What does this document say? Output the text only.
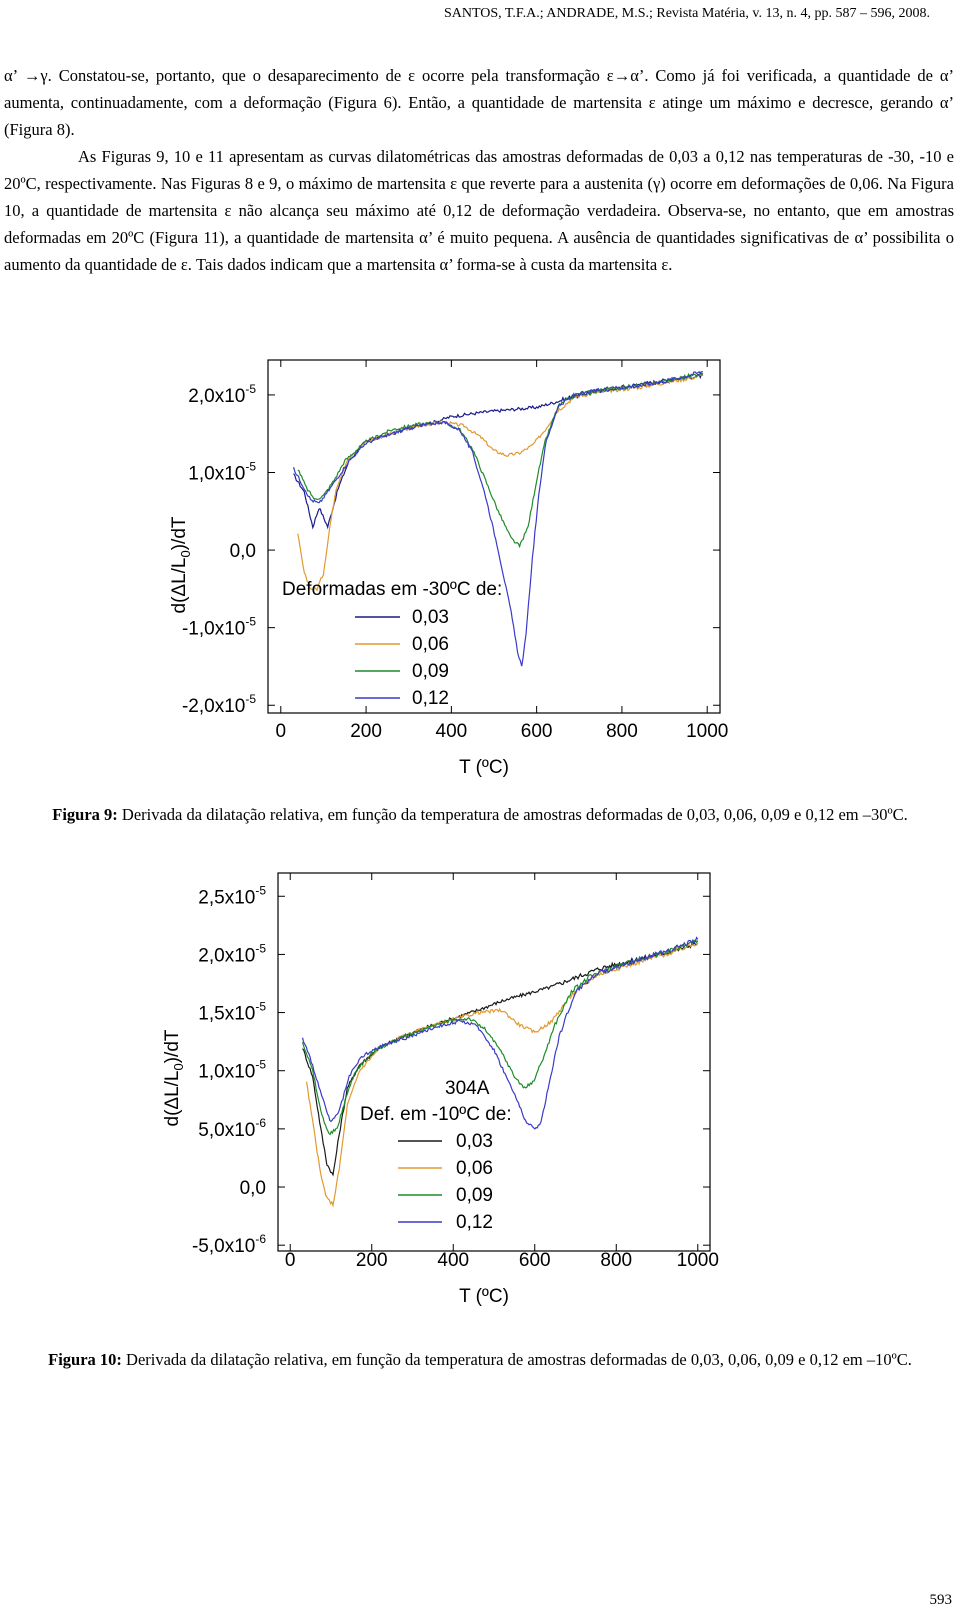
SANTOS, T.F.A.; ANDRADE, M.S.; Revista Matéria, v. 13, n. 4, pp. 587 – 596, 2008.

α’ →γ. Constatou-se, portanto, que o desaparecimento de ε ocorre pela transformação ε→α’. Como já foi verificada, a quantidade de α’ aumenta, continuadamente, com a deformação (Figura 6). Então, a quantidade de martensita ε atinge um máximo e decresce, gerando α’ (Figura 8).

As Figuras 9, 10 e 11 apresentam as curvas dilatométricas das amostras deformadas de 0,03 a 0,12 nas temperaturas de -30, -10 e 20ºC, respectivamente. Nas Figuras 8 e 9, o máximo de martensita ε que reverte para a austenita (γ) ocorre em deformações de 0,06. Na Figura 10, a quantidade de martensita ε não alcança seu máximo até 0,12 de deformação verdadeira. Observa-se, no entanto, que em amostras deformadas em 20ºC (Figura 11), a quantidade de martensita α’ é muito pequena. A ausência de quantidades significativas de α’ possibilita o aumento da quantidade de ε. Tais dados indicam que a martensita α’ forma-se à custa da martensita ε.

0	200	400	600	800	1000
$2,0x10^{-5}$
$1,0x10^{-5}$
0,0
$-1,0x10^{-5}$
$-2,0x10^{-5}$
T (ºC)
$d(\Delta L/L_0)/dT$
Deformadas em -30ºC de:
0,03
0,06
0,09
0,12
Figura 9: Derivada da dilatação relativa, em função da temperatura de amostras deformadas de 0,03, 0,06, 0,09 e 0,12 em –30ºC.
0	200	400	600	800 1000
$2,5x10^{-5}$
$2,0x10^{-5}$
$1,5x10^{-5}$
$1,0x10^{-5}$
$5,0x10^{-6}$
0,0
$-5,0x10^{-6}$
T (ºC)
$d(\Delta L/L_0)/dT$
304A
Def. em -10ºC de:
0,03
0,06
0,09
0,12
Figura 10: Derivada da dilatação relativa, em função da temperatura de amostras deformadas de 0,03, 0,06, 0,09 e 0,12 em –10ºC.
593
